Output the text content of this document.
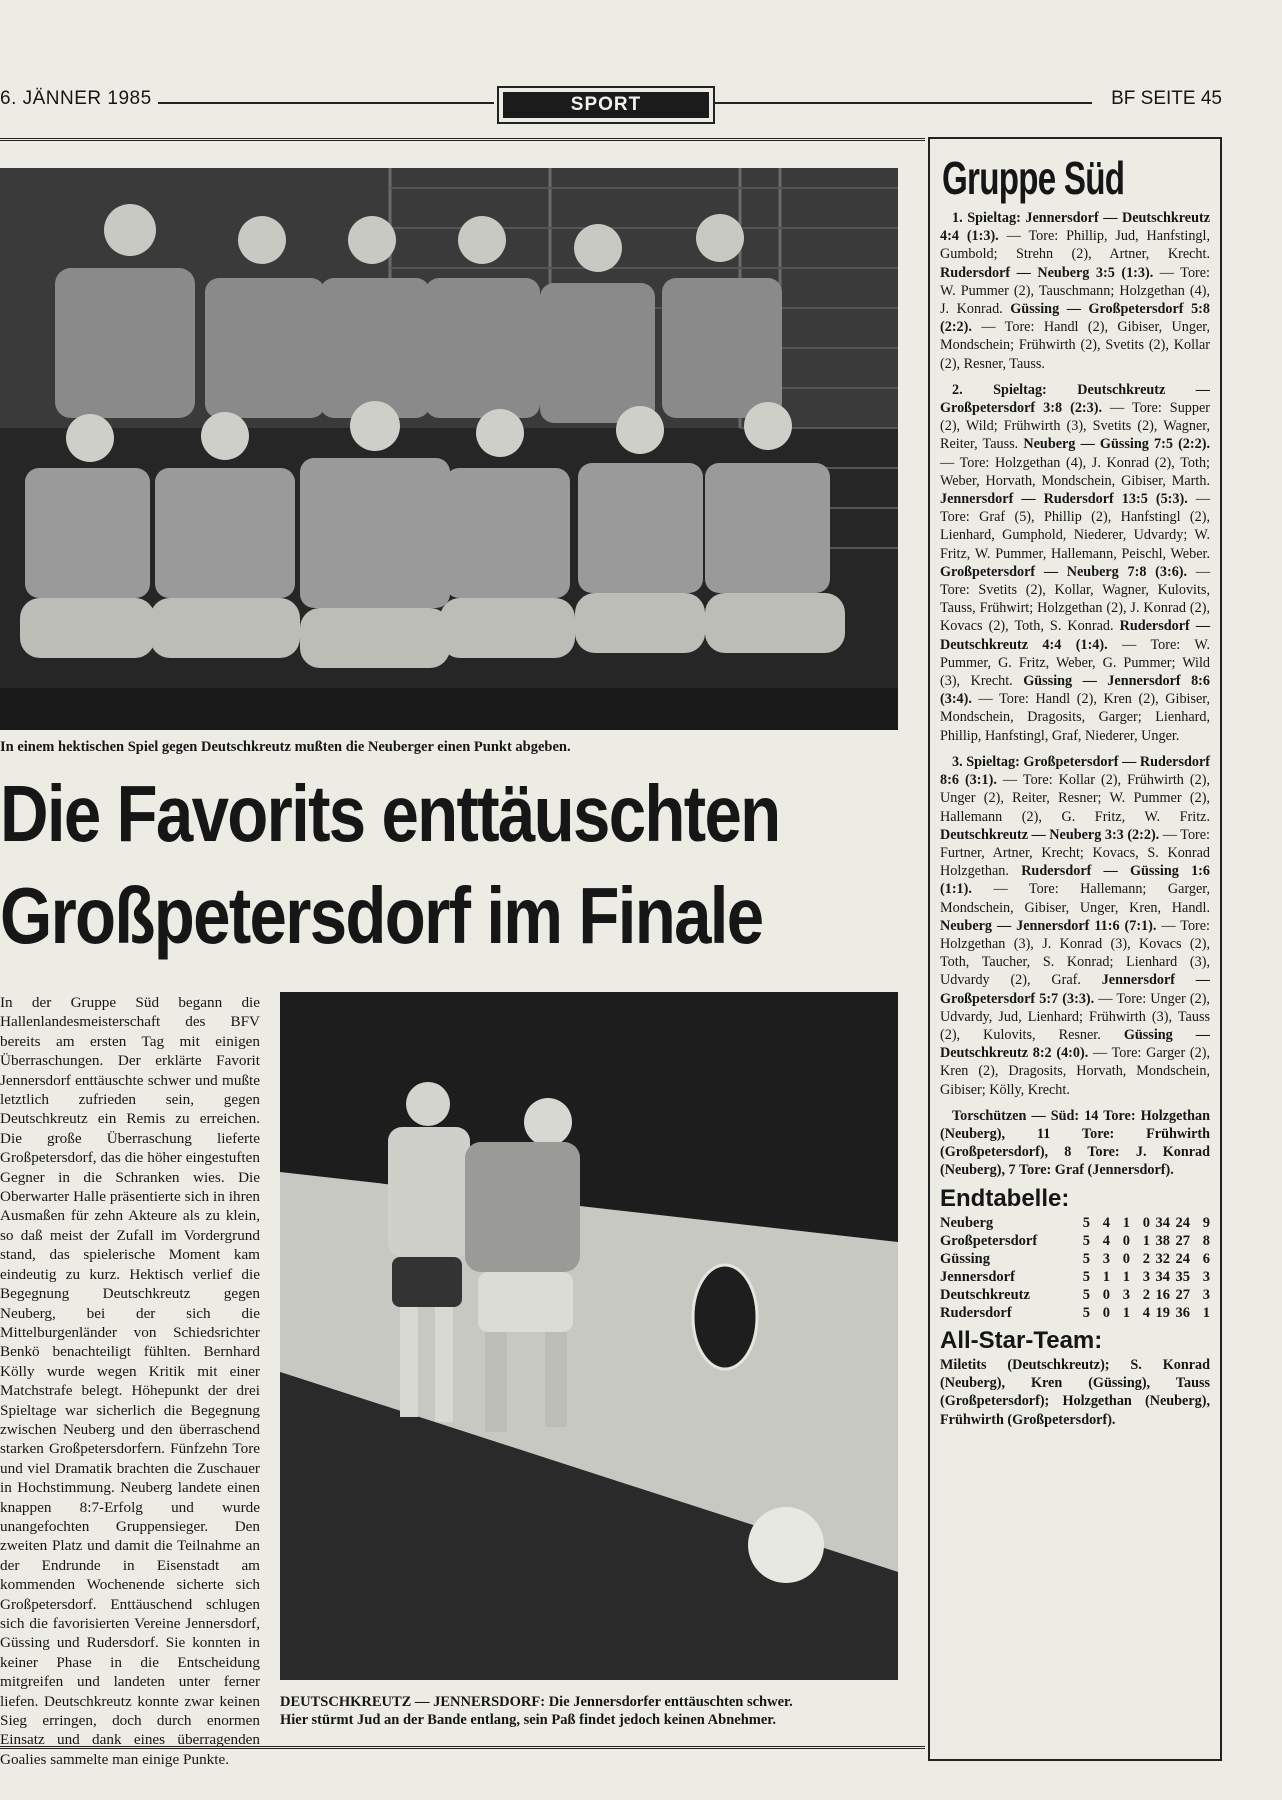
6. JÄNNER 1985	SPORT	BF SEITE 45
In einem hektischen Spiel gegen Deutschkreutz mußten die Neuberger einen Punkt abgeben.
Die Favorits enttäuschten
Großpetersdorf im Finale

In der Gruppe Süd begann die Hallenlandesmeisterschaft des BFV bereits am ersten Tag mit einigen Überraschungen. Der erklärte Favorit Jennersdorf enttäuschte schwer und mußte letztlich zufrieden sein, gegen Deutschkreutz ein Remis zu erreichen. Die große Überraschung lieferte Großpetersdorf, das die höher eingestuften Gegner in die Schranken wies. Die Oberwarter Halle präsentierte sich in ihren Ausmaßen für zehn Akteure als zu klein, so daß meist der Zufall im Vordergrund stand, das spielerische Moment kam eindeutig zu kurz. Hektisch verlief die Begegnung Deutschkreutz gegen Neuberg, bei der sich die Mittelburgenländer von Schiedsrichter Benkö benachteiligt fühlten. Bernhard Kölly wurde wegen Kritik mit einer Matchstrafe belegt. Höhepunkt der drei Spieltage war sicherlich die Begegnung zwischen Neuberg und den überraschend starken Großpetersdorfern. Fünfzehn Tore und viel Dramatik brachten die Zuschauer in Hochstimmung. Neuberg landete einen knappen 8:7-Erfolg und wurde unangefochten Gruppensieger. Den zweiten Platz und damit die Teilnahme an der Endrunde in Eisenstadt am kommenden Wochenende sicherte sich Großpetersdorf. Enttäuschend schlugen sich die favorisierten Vereine Jennersdorf, Güssing und Rudersdorf. Sie konnten in keiner Phase in die Entscheidung mitgreifen und landeten unter ferner liefen. Deutschkreutz konnte zwar keinen Sieg erringen, doch durch enormen Einsatz und dank eines überragenden Goalies sammelte man einige Punkte.

DEUTSCHKREUTZ — JENNERSDORF: Die Jennersdorfer enttäuschten schwer.
Hier stürmt Jud an der Bande entlang, sein Paß findet jedoch keinen Abnehmer.
Gruppe Süd

1. Spieltag: Jennersdorf — Deutschkreutz 4:4 (1:3). — Tore: Phillip, Jud, Hanfstingl, Gumbold; Strehn (2), Artner, Krecht. Rudersdorf — Neuberg 3:5 (1:3). — Tore: W. Pummer (2), Tauschmann; Holzgethan (4), J. Konrad. Güssing — Großpetersdorf 5:8 (2:2). — Tore: Handl (2), Gibiser, Unger, Mondschein; Frühwirth (2), Svetits (2), Kollar (2), Resner, Tauss.

2. Spieltag: Deutschkreutz — Großpetersdorf 3:8 (2:3). — Tore: Supper (2), Wild; Frühwirth (3), Svetits (2), Wagner, Reiter, Tauss. Neuberg — Güssing 7:5 (2:2). — Tore: Holzgethan (4), J. Konrad (2), Toth; Weber, Horvath, Mondschein, Gibiser, Marth. Jennersdorf — Rudersdorf 13:5 (5:3). — Tore: Graf (5), Phillip (2), Hanfstingl (2), Lienhard, Gumphold, Niederer, Udvardy; W. Fritz, W. Pummer, Hallemann, Peischl, Weber. Großpetersdorf — Neuberg 7:8 (3:6). — Tore: Svetits (2), Kollar, Wagner, Kulovits, Tauss, Frühwirt; Holzgethan (2), J. Konrad (2), Kovacs (2), Toth, S. Konrad. Rudersdorf — Deutschkreutz 4:4 (1:4). — Tore: W. Pummer, G. Fritz, Weber, G. Pummer; Wild (3), Krecht. Güssing — Jennersdorf 8:6 (3:4). — Tore: Handl (2), Kren (2), Gibiser, Mondschein, Dragosits, Garger; Lienhard, Phillip, Hanfstingl, Graf, Niederer, Unger.

3. Spieltag: Großpetersdorf — Rudersdorf 8:6 (3:1). — Tore: Kollar (2), Frühwirth (2), Unger (2), Reiter, Resner; W. Pummer (2), Hallemann (2), G. Fritz, W. Fritz. Deutschkreutz — Neuberg 3:3 (2:2). — Tore: Furtner, Artner, Krecht; Kovacs, S. Konrad Holzgethan. Rudersdorf — Güssing 1:6 (1:1). — Tore: Hallemann; Garger, Mondschein, Gibiser, Unger, Kren, Handl. Neuberg — Jennersdorf 11:6 (7:1). — Tore: Holzgethan (3), J. Konrad (3), Kovacs (2), Toth, Taucher, S. Konrad; Lienhard (3), Udvardy (2), Graf. Jennersdorf — Großpetersdorf 5:7 (3:3). — Tore: Unger (2), Udvardy, Jud, Lienhard; Frühwirth (3), Tauss (2), Kulovits, Resner. Güssing — Deutschkreutz 8:2 (4:0). — Tore: Garger (2), Kren (2), Dragosits, Horvath, Mondschein, Gibiser; Kölly, Krecht.

Torschützen — Süd: 14 Tore: Holzgethan (Neuberg), 11 Tore: Frühwirth (Großpetersdorf), 8 Tore: J. Konrad (Neuberg), 7 Tore: Graf (Jennersdorf).

Endtabelle:
Neuberg	5	4	1	0	34	24	9
Großpetersdorf	5	4	0	1	38	27	8
Güssing	5	3	0	2	32	24	6
Jennersdorf	5	1	1	3	34	35	3
Deutschkreutz	5	0	3	2	16	27	3
Rudersdorf	5	0	1	4	19	36	1
All-Star-Team:

Miletits (Deutschkreutz); S. Konrad (Neuberg), Kren (Güssing), Tauss (Großpetersdorf); Holzgethan (Neuberg), Frühwirth (Großpetersdorf).
